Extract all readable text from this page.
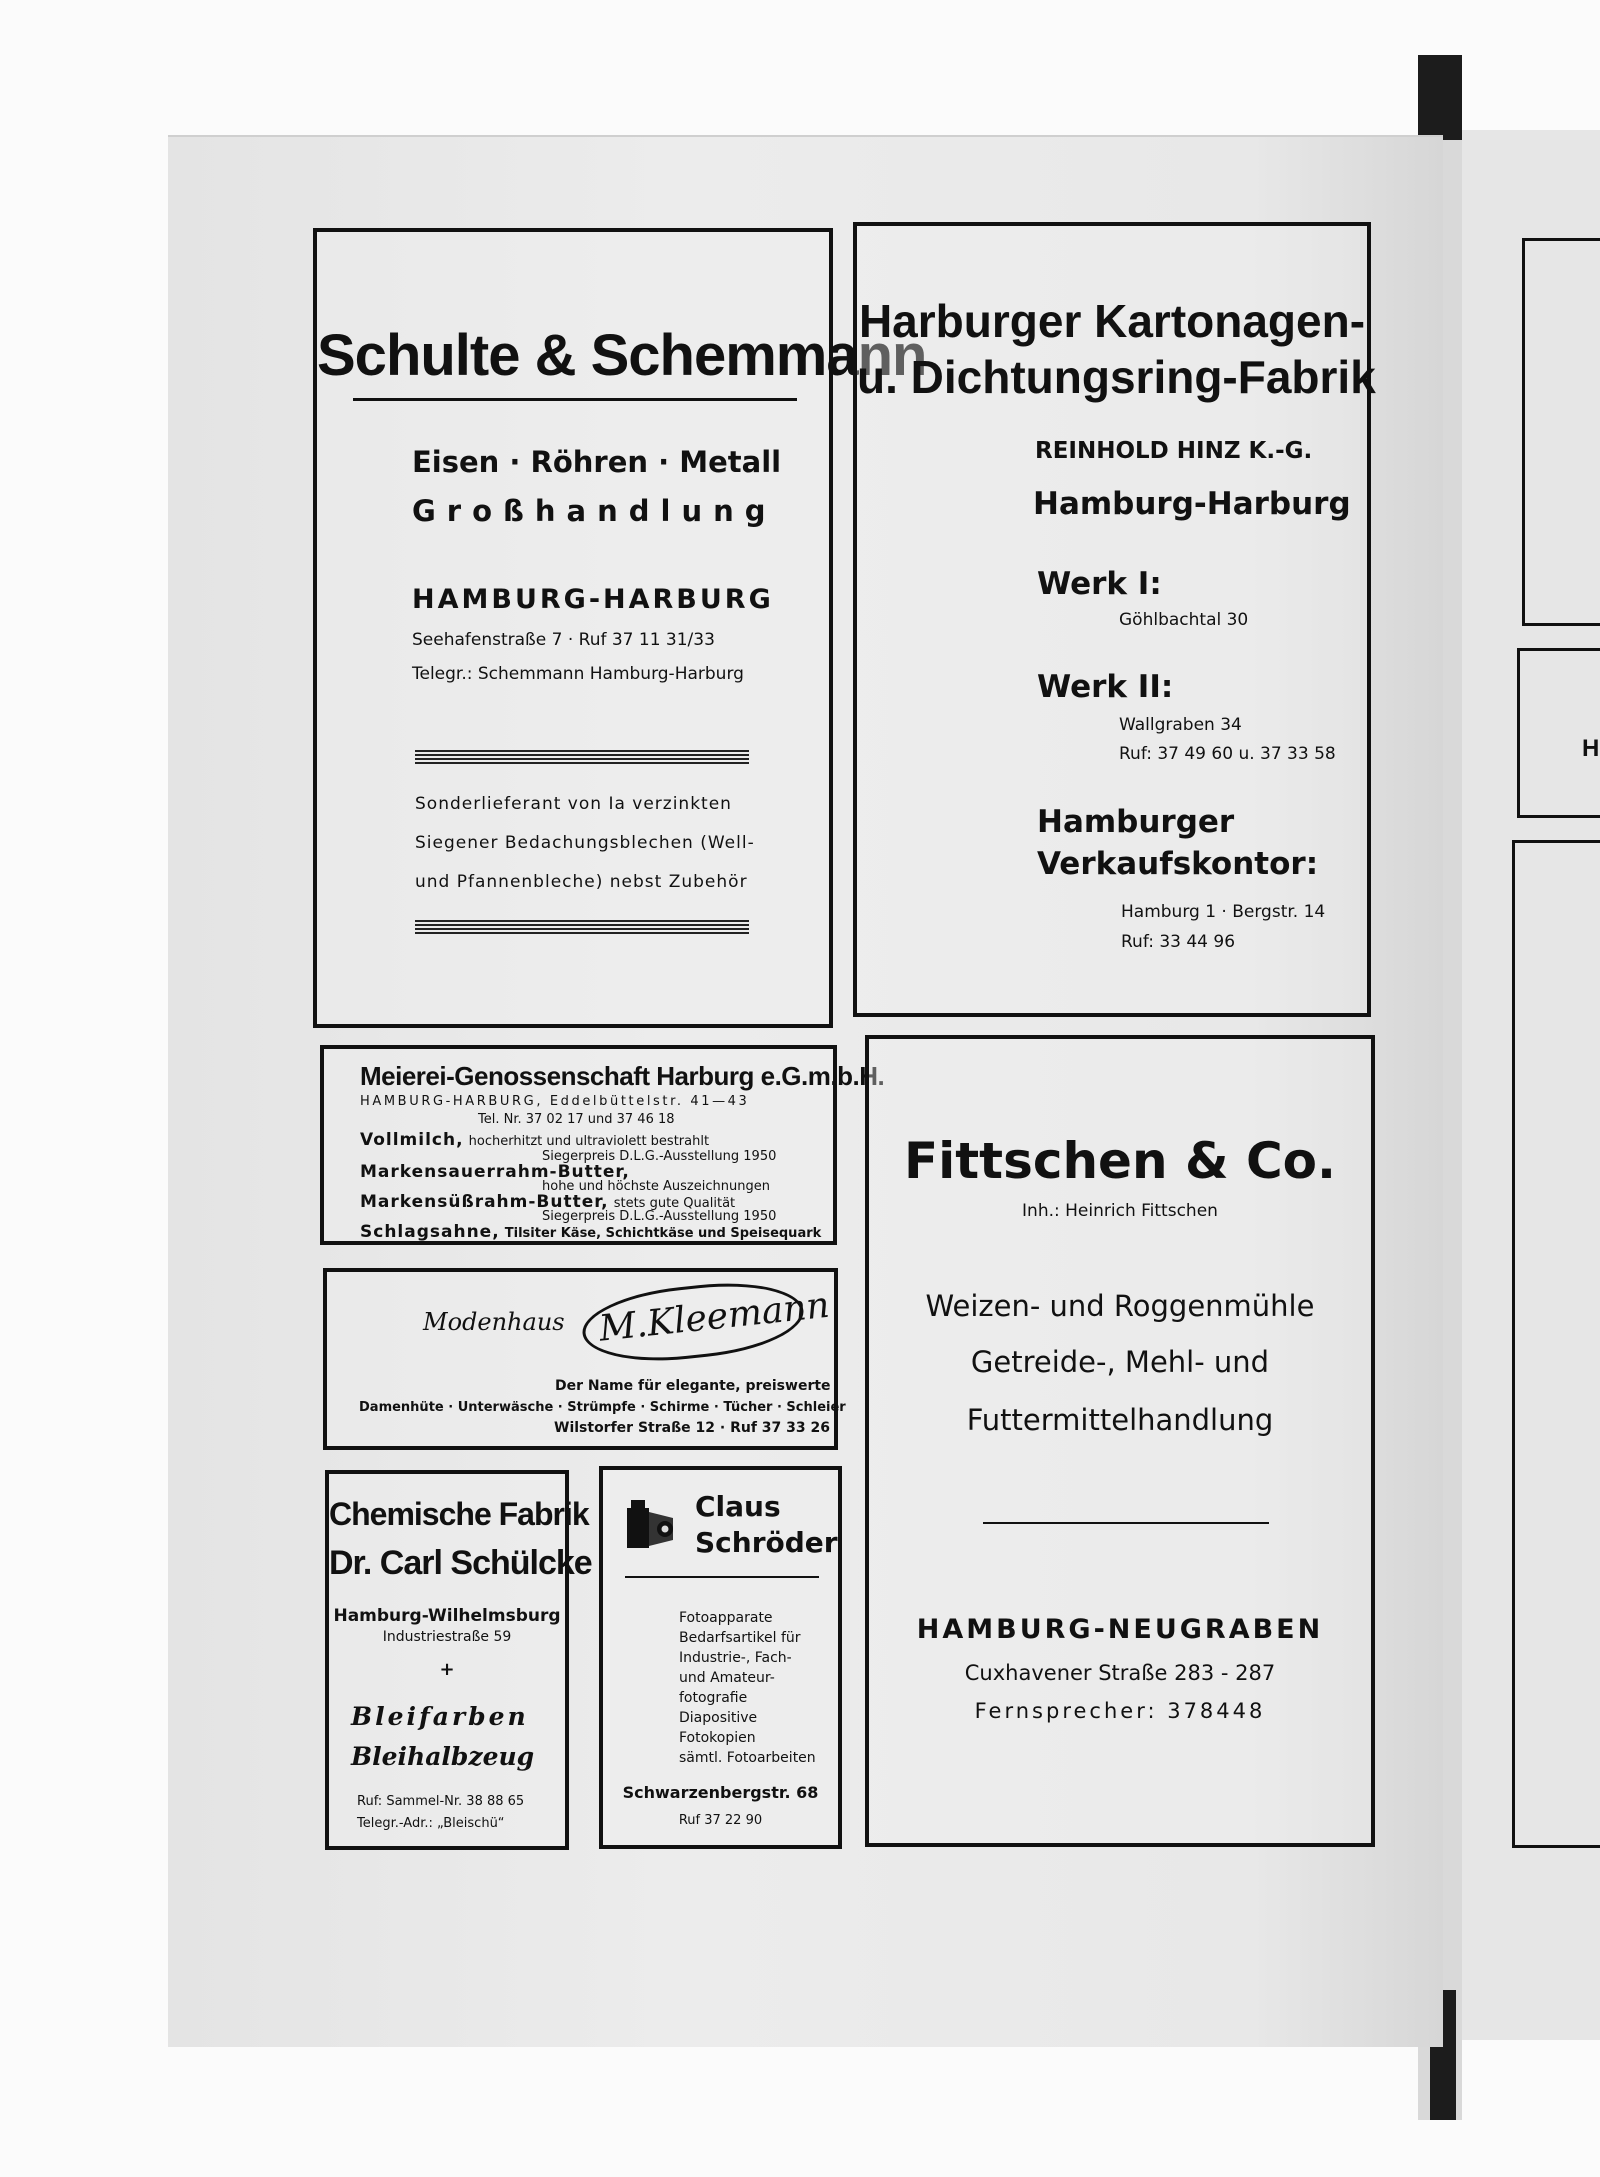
H
Schulte & Schemmann
Eisen · Röhren · Metall
Großhandlung
HAMBURG-HARBURG
Seehafenstraße 7 · Ruf 37 11 31/33
Telegr.: Schemmann Hamburg-Harburg
Sonderlieferant von Ia verzinkten
Siegener Bedachungsblechen (Well-
und Pfannenbleche) nebst Zubehör
Harburger Kartonagen-
u. Dichtungsring-Fabrik
REINHOLD HINZ K.-G.
Hamburg-Harburg
Werk I:
Göhlbachtal 30
Werk II:
Wallgraben 34
Ruf: 37 49 60 u. 37 33 58
Hamburger
Verkaufskontor:
Hamburg 1 · Bergstr. 14
Ruf: 33 44 96
Meierei-Genossenschaft Harburg e.G.m.b.H.
HAMBURG-HARBURG, Eddelbüttelstr. 41—43
Tel. Nr. 37 02 17 und 37 46 18
Vollmilch, hocherhitzt und ultraviolett bestrahlt
Siegerpreis D.L.G.-Ausstellung 1950
Markensauerrahm-Butter,
hohe und höchste Auszeichnungen
Markensüßrahm-Butter, stets gute Qualität
Siegerpreis D.L.G.-Ausstellung 1950
Schlagsahne, Tilsiter Käse, Schichtkäse und Speisequark
Modenhaus M.Kleemann
Der Name für elegante, preiswerte
Damenhüte · Unterwäsche · Strümpfe · Schirme · Tücher · Schleier
Wilstorfer Straße 12 · Ruf 37 33 26
Chemische Fabrik
Dr. Carl Schülcke
Hamburg-Wilhelmsburg
Industriestraße 59
+
Bleifarben
Bleihalbzeug
Ruf: Sammel-Nr. 38 88 65
Telegr.-Adr.: „Bleischü“
Claus
Schröder
Fotoapparate
Bedarfsartikel für
Industrie-, Fach-
und Amateur-
fotografie
Diapositive
Fotokopien
sämtl. Fotoarbeiten
Schwarzenbergstr. 68
Ruf 37 22 90
Fittschen & Co.
Inh.: Heinrich Fittschen
Weizen- und Roggenmühle
Getreide-, Mehl- und
Futtermittelhandlung
HAMBURG-NEUGRABEN
Cuxhavener Straße 283 - 287
Fernsprecher: 378448
